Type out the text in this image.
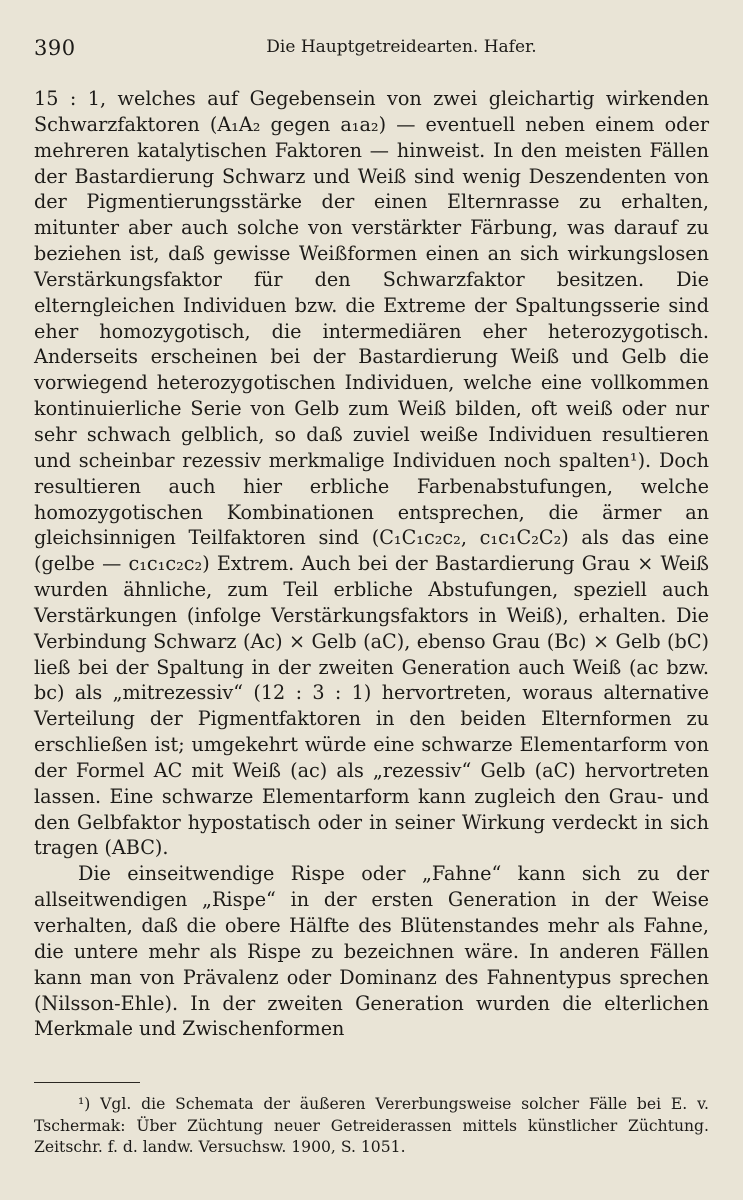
390	Die Hauptgetreidearten. Hafer.

15 : 1, welches auf Gegebensein von zwei gleichartig wirkenden Schwarzfaktoren (A₁A₂ gegen a₁a₂) — eventuell neben einem oder mehreren katalytischen Faktoren — hinweist. In den meisten Fällen der Bastardierung Schwarz und Weiß sind wenig Deszendenten von der Pigmentierungsstärke der einen Elternrasse zu erhalten, mitunter aber auch solche von verstärkter Färbung, was darauf zu beziehen ist, daß gewisse Weißformen einen an sich wirkungslosen Verstärkungsfaktor für den Schwarzfaktor besitzen. Die elterngleichen Individuen bzw. die Extreme der Spaltungsserie sind eher homozygotisch, die intermediären eher heterozygotisch. Anderseits erscheinen bei der Bastardierung Weiß und Gelb die vorwiegend heterozygotischen Individuen, welche eine vollkommen kontinuierliche Serie von Gelb zum Weiß bilden, oft weiß oder nur sehr schwach gelblich, so daß zuviel weiße Individuen resultieren und scheinbar rezessiv merkmalige Individuen noch spalten¹). Doch resultieren auch hier erbliche Farbenabstufungen, welche homozygotischen Kombinationen entsprechen, die ärmer an gleichsinnigen Teilfaktoren sind (C₁C₁c₂c₂, c₁c₁C₂C₂) als das eine (gelbe — c₁c₁c₂c₂) Extrem. Auch bei der Bastardierung Grau × Weiß wurden ähnliche, zum Teil erbliche Abstufungen, speziell auch Verstärkungen (infolge Verstärkungsfaktors in Weiß), erhalten. Die Verbindung Schwarz (Ac) × Gelb (aC), ebenso Grau (Bc) × Gelb (bC) ließ bei der Spaltung in der zweiten Generation auch Weiß (ac bzw. bc) als „mitrezessiv“ (12 : 3 : 1) hervortreten, woraus alternative Verteilung der Pigmentfaktoren in den beiden Elternformen zu erschließen ist; umgekehrt würde eine schwarze Elementarform von der Formel AC mit Weiß (ac) als „rezessiv“ Gelb (aC) hervortreten lassen. Eine schwarze Elementarform kann zugleich den Grau- und den Gelbfaktor hypostatisch oder in seiner Wirkung verdeckt in sich tragen (ABC).

Die einseitwendige Rispe oder „Fahne“ kann sich zu der allseitwendigen „Rispe“ in der ersten Generation in der Weise verhalten, daß die obere Hälfte des Blütenstandes mehr als Fahne, die untere mehr als Rispe zu bezeichnen wäre. In anderen Fällen kann man von Prävalenz oder Dominanz des Fahnentypus sprechen (Nilsson-Ehle). In der zweiten Generation wurden die elterlichen Merkmale und Zwischenformen

¹) Vgl. die Schemata der äußeren Vererbungsweise solcher Fälle bei E. v. Tschermak: Über Züchtung neuer Getreiderassen mittels künstlicher Züchtung. Zeitschr. f. d. landw. Versuchsw. 1900, S. 1051.
